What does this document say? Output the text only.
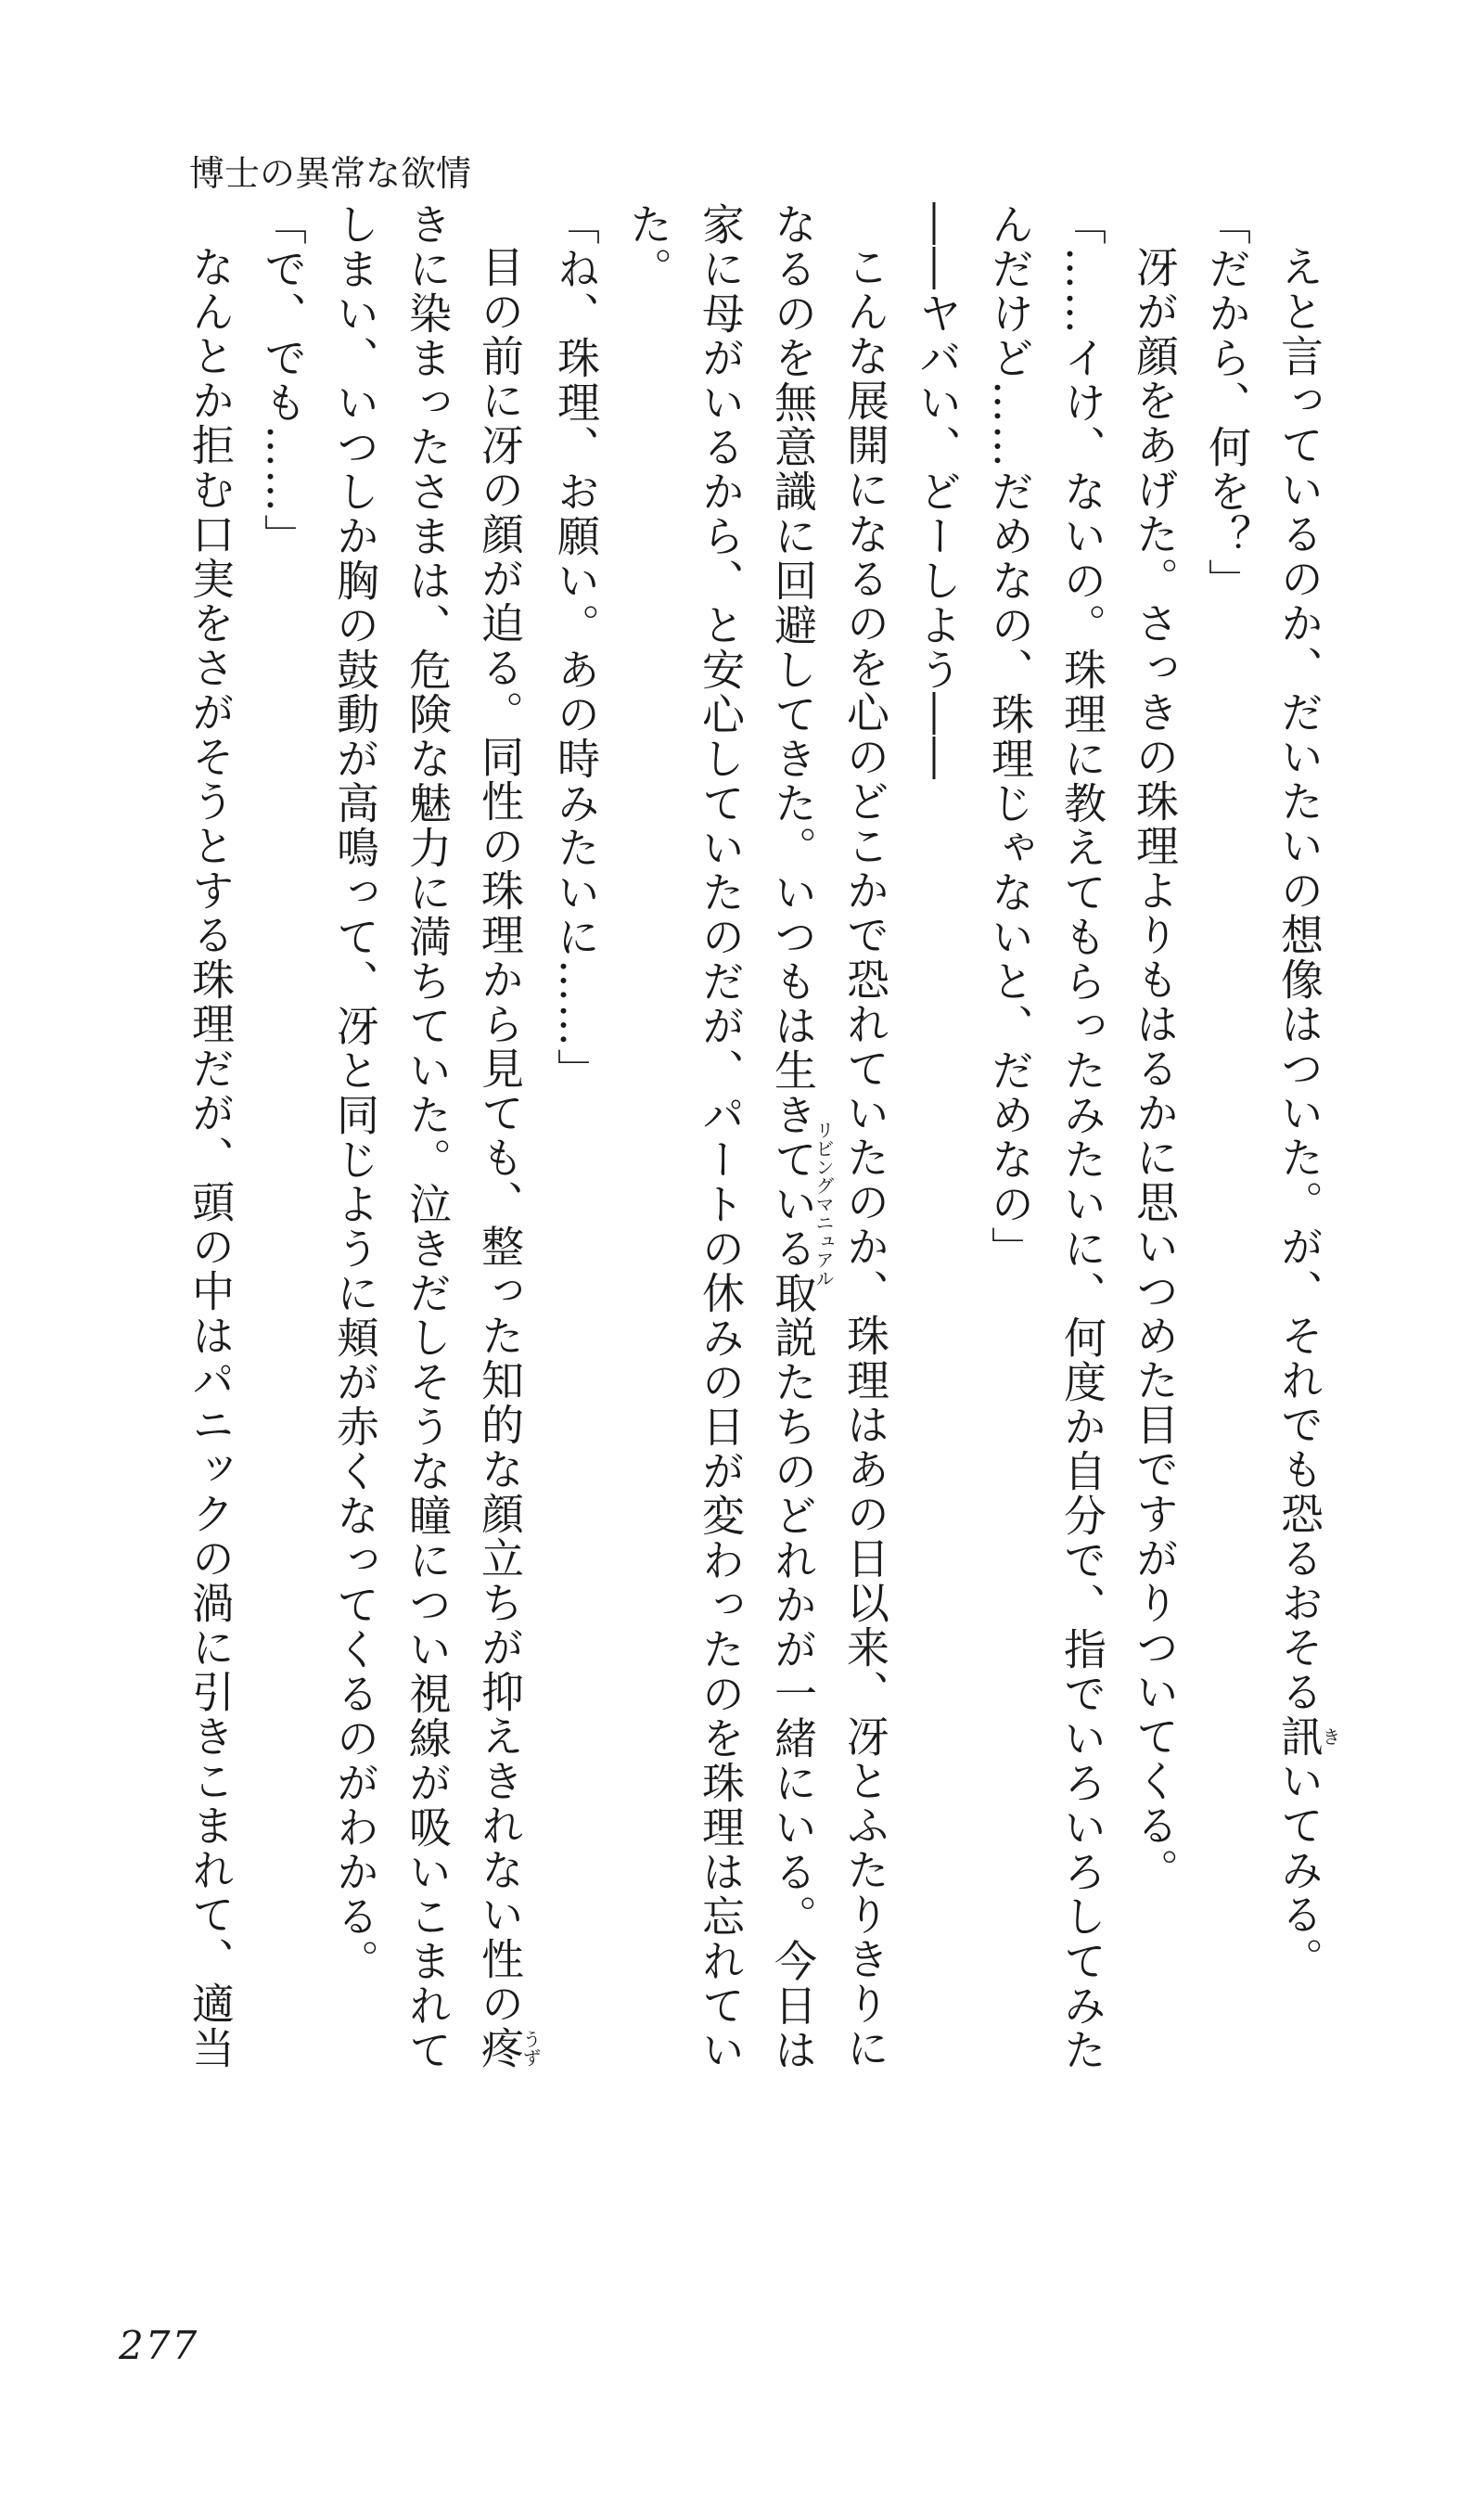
博士の異常な欲情

えと言っているのか、だいたいの想像はついた。が、それでも恐るおそる訊きいてみる。

「だから、何を？」

冴が顔をあげた。さっきの珠理よりもはるかに思いつめた目ですがりついてくる。

「……イけ、ないの。珠理に教えてもらったみたいに、何度か自分で、指でいろいろしてみたんだけど……だめなの、珠理じゃないと、だめなの」

――ヤバい、どーしよう――

こんな展開になるのを心のどこかで恐れていたのか、珠理はあの日以来、冴とふたりきりになるのを無意識に回避してきた。いつもは生きている取説リビングマニュアルたちのどれかが一緒にいる。今日は家に母がいるから、と安心していたのだが、パートの休みの日が変わったのを珠理は忘れていた。

「ね、珠理、お願い。あの時みたいに……」

目の前に冴の顔が迫る。同性の珠理から見ても、整った知的な顔立ちが抑えきれない性の疼うずきに染まったさまは、危険な魅力に満ちていた。泣きだしそうな瞳につい視線が吸いこまれてしまい、いつしか胸の鼓動が高鳴って、冴と同じように頬が赤くなってくるのがわかる。

「で、でも……」

なんとか拒む口実をさがそうとする珠理だが、頭の中はパニックの渦に引きこまれて、適当

277
